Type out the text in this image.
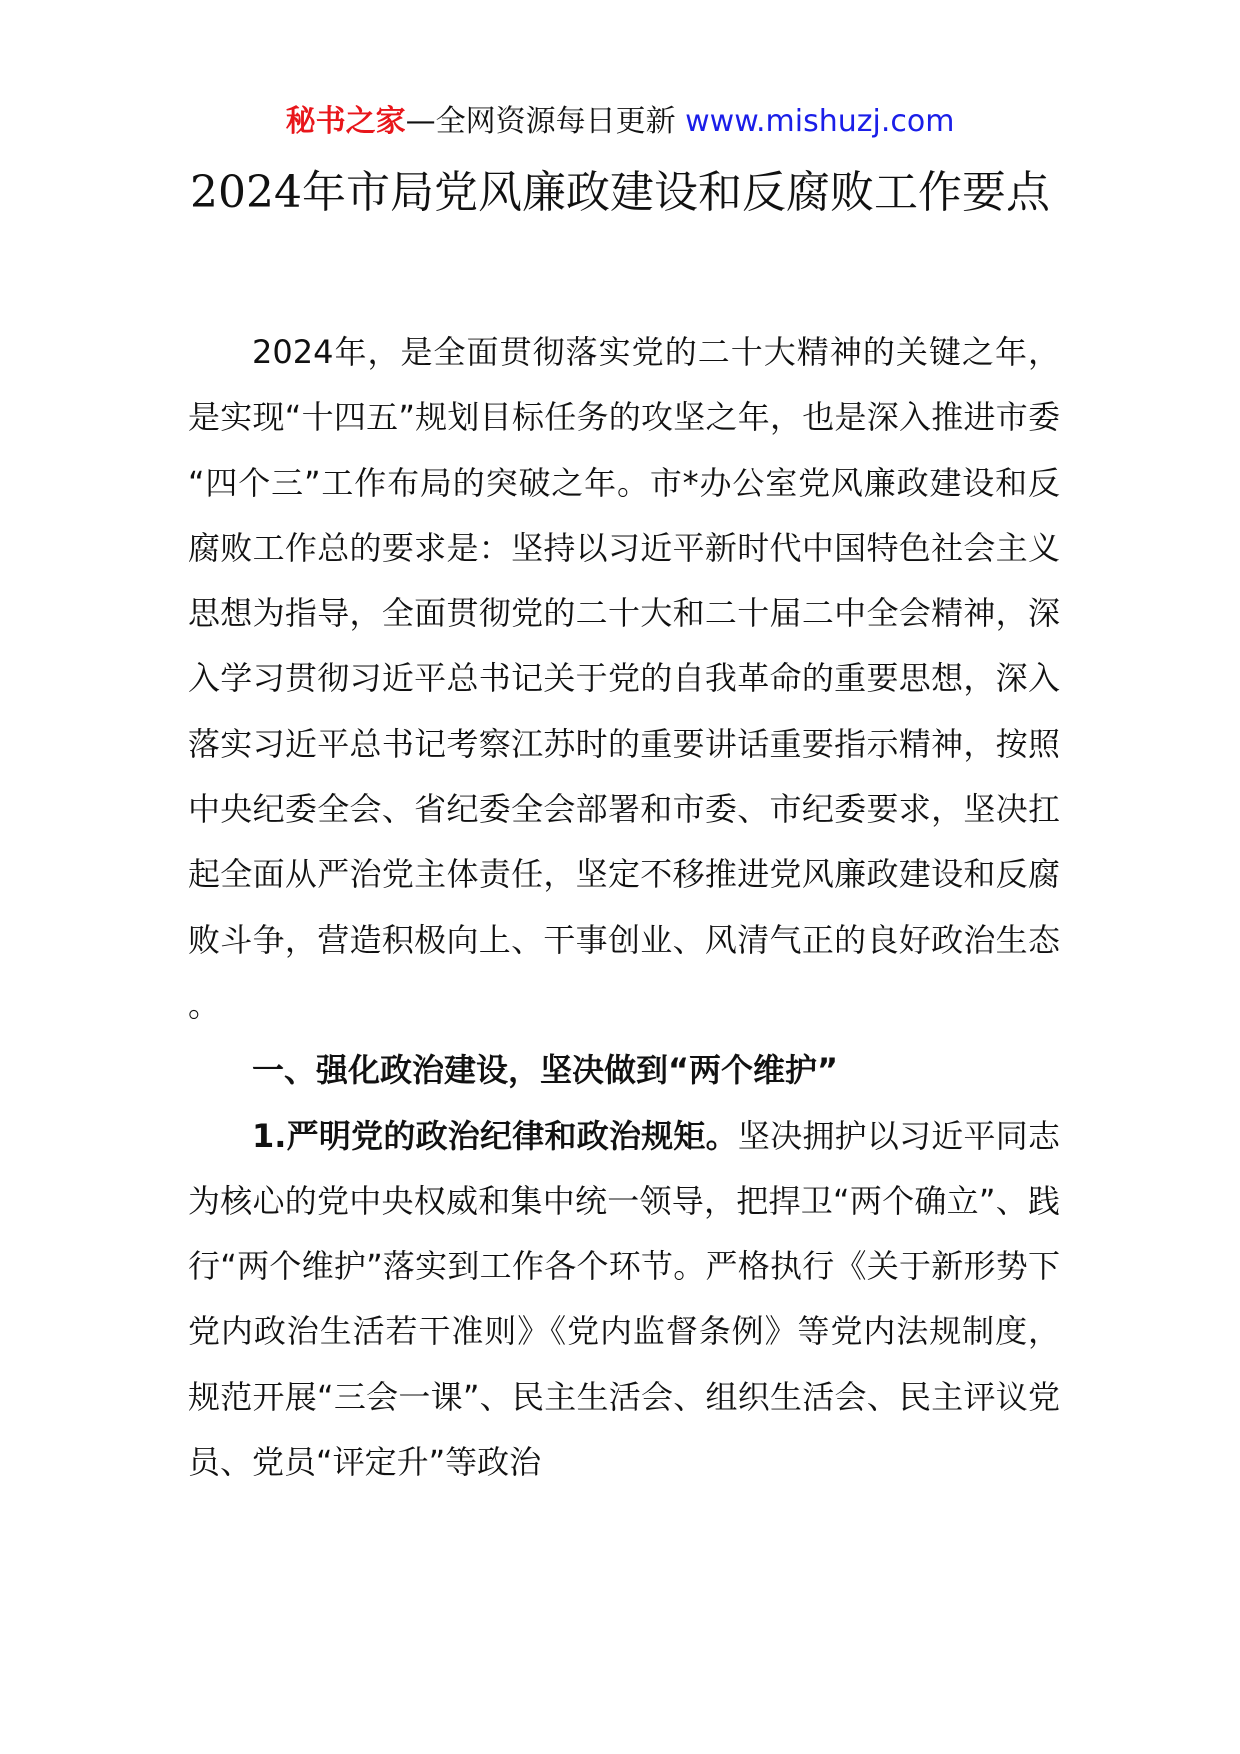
秘书之家—全网资源每日更新 www.mishuzj.com
2024年市局党风廉政建设和反腐败工作要点

2024年，是全面贯彻落实党的二十大精神的关键之年，是实现“十四五”规划目标任务的攻坚之年，也是深入推进市委“四个三”工作布局的突破之年。市*办公室党风廉政建设和反腐败工作总的要求是：坚持以习近平新时代中国特色社会主义思想为指导，全面贯彻党的二十大和二十届二中全会精神，深入学习贯彻习近平总书记关于党的自我革命的重要思想，深入落实习近平总书记考察江苏时的重要讲话重要指示精神，按照中央纪委全会、省纪委全会部署和市委、市纪委要求，坚决扛起全面从严治党主体责任，坚定不移推进党风廉政建设和反腐败斗争，营造积极向上、干事创业、风清气正的良好政治生态。

一、强化政治建设，坚决做到“两个维护”

1.严明党的政治纪律和政治规矩。坚决拥护以习近平同志为核心的党中央权威和集中统一领导，把捍卫“两个确立”、践行“两个维护”落实到工作各个环节。严格执行《关于新形势下党内政治生活若干准则》《党内监督条例》等党内法规制度，规范开展“三会一课”、民主生活会、组织生活会、民主评议党员、党员“评定升”等政治
